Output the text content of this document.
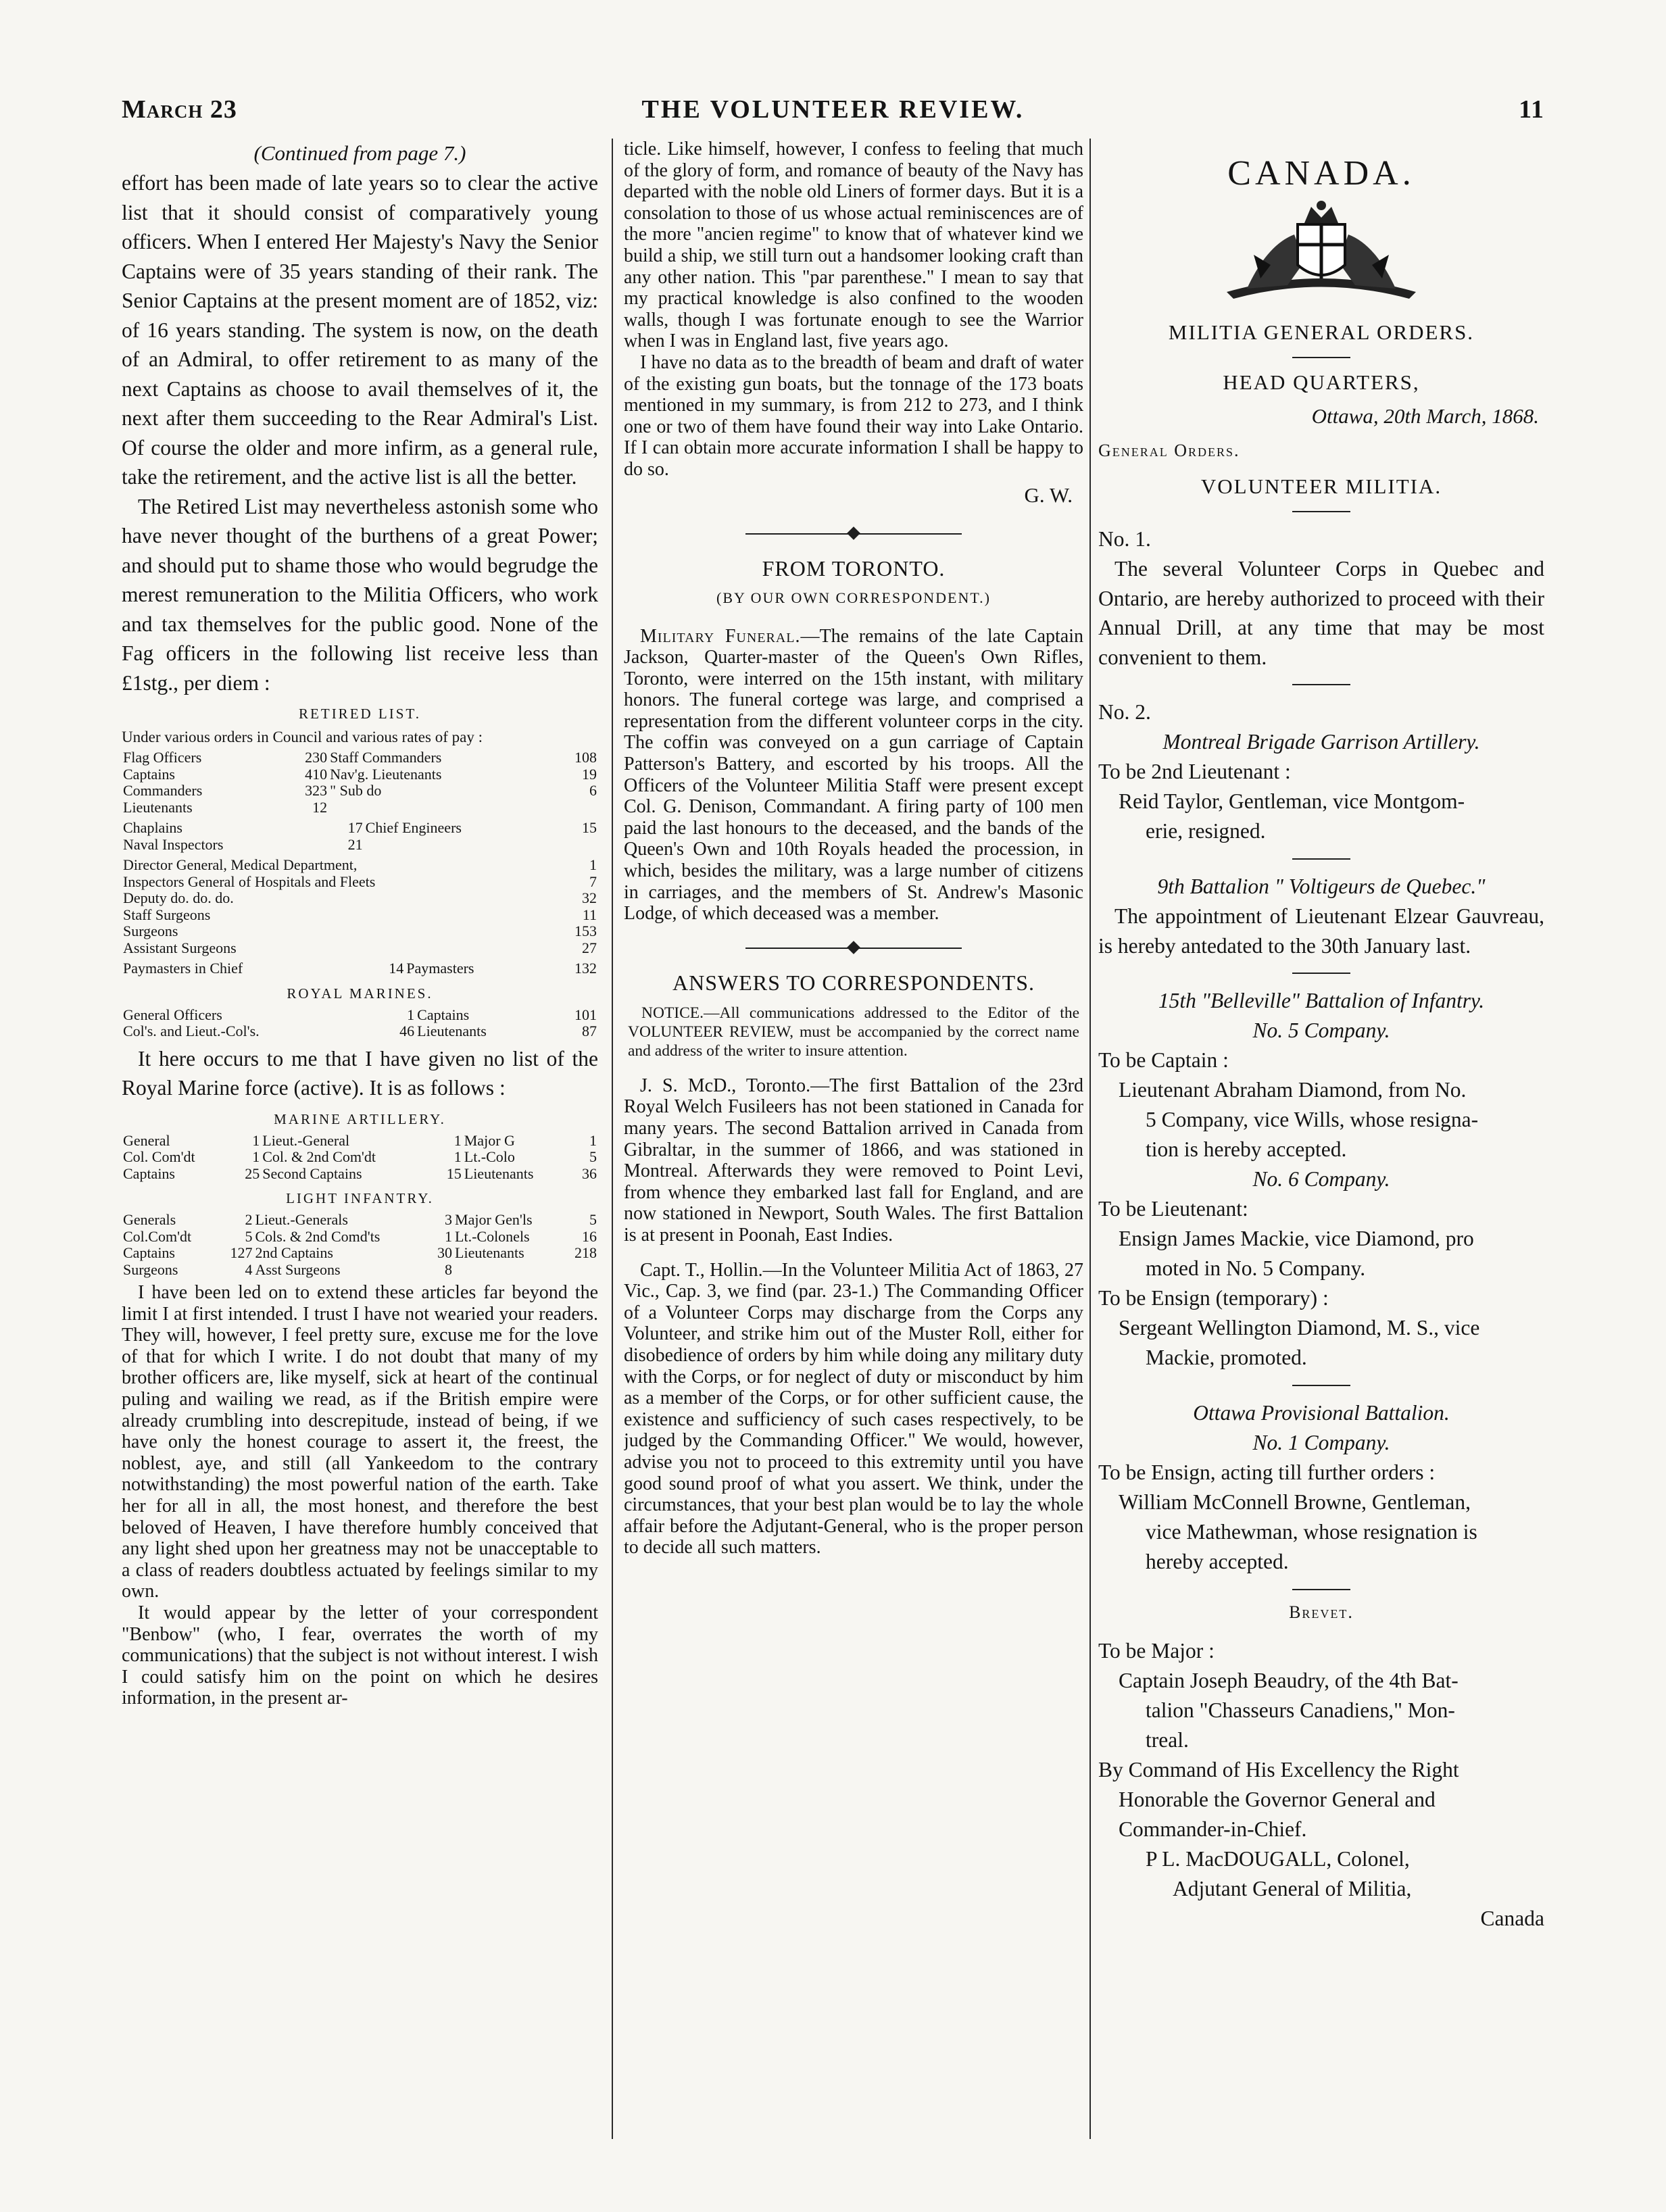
THE VOLUNTEER REVIEW.
March 23	11

(Continued from page 7.)

effort has been made of late years so to clear the active list that it should consist of comparatively young officers. When I entered Her Majesty's Navy the Senior Captains were of 35 years standing of their rank. The Senior Captains at the present moment are of 1852, viz: of 16 years standing. The system is now, on the death of an Admiral, to offer retirement to as many of the next Captains as choose to avail themselves of it, the next after them succeeding to the Rear Admiral's List. Of course the older and more infirm, as a general rule, take the retirement, and the active list is all the better.

The Retired List may nevertheless astonish some who have never thought of the burthens of a great Power; and should put to shame those who would begrudge the merest remuneration to the Militia Officers, who work and tax themselves for the public good. None of the Fag officers in the following list receive less than £1stg., per diem :

RETIRED LIST.
Under various orders in Council and various rates of pay :
Flag Officers	230	Staff Commanders	108
Captains	410	Nav'g. Lieutenants	19
Commanders	323	" Sub do	6
Lieutenants	12		
Chaplains	17	Chief Engineers	15
Naval Inspectors	21		
Director General, Medical Department,	1
Inspectors General of Hospitals and Fleets	7
Deputy do. do. do.	32
Staff Surgeons	11
Surgeons	153
Assistant Surgeons	27
Paymasters in Chief	14	Paymasters	132
ROYAL MARINES.
General Officers	1	Captains	101
Col's. and Lieut.-Col's.	46	Lieutenants	87

It here occurs to me that I have given no list of the Royal Marine force (active). It is as follows :

MARINE ARTILLERY.
General	1	Lieut.-General	1	Major G	1
Col. Com'dt	1	Col. & 2nd Com'dt	1	Lt.-Colo	5
Captains	25	Second Captains	15	Lieutenants	36
LIGHT INFANTRY.
Generals	2	Lieut.-Generals	3	Major Gen'ls	5
Col.Com'dt	5	Cols. & 2nd Comd'ts	1	Lt.-Colonels	16
Captains	127	2nd Captains	30	Lieutenants	218
Surgeons	4	Asst Surgeons	8		

I have been led on to extend these articles far beyond the limit I at first intended. I trust I have not wearied your readers. They will, however, I feel pretty sure, excuse me for the love of that for which I write. I do not doubt that many of my brother officers are, like myself, sick at heart of the continual puling and wailing we read, as if the British empire were already crumbling into descrepitude, instead of being, if we have only the honest courage to assert it, the freest, the noblest, aye, and still (all Yankeedom to the contrary notwithstanding) the most powerful nation of the earth. Take her for all in all, the most honest, and therefore the best beloved of Heaven, I have therefore humbly conceived that any light shed upon her greatness may not be unacceptable to a class of readers doubtless actuated by feelings similar to my own.

It would appear by the letter of your correspondent "Benbow" (who, I fear, overrates the worth of my communications) that the subject is not without interest. I wish I could satisfy him on the point on which he desires information, in the present ar-

ticle. Like himself, however, I confess to feeling that much of the glory of form, and romance of beauty of the Navy has departed with the noble old Liners of former days. But it is a consolation to those of us whose actual reminiscences are of the more "ancien regime" to know that of whatever kind we build a ship, we still turn out a handsomer looking craft than any other nation. This "par parenthese." I mean to say that my practical knowledge is also confined to the wooden walls, though I was fortunate enough to see the Warrior when I was in England last, five years ago.

I have no data as to the breadth of beam and draft of water of the existing gun boats, but the tonnage of the 173 boats mentioned in my summary, is from 212 to 273, and I think one or two of them have found their way into Lake Ontario. If I can obtain more accurate information I shall be happy to do so.

G. W.
FROM TORONTO.
(BY OUR OWN CORRESPONDENT.)

Military Funeral.—The remains of the late Captain Jackson, Quarter-master of the Queen's Own Rifles, Toronto, were interred on the 15th instant, with military honors. The funeral cortege was large, and comprised a representation from the different volunteer corps in the city. The coffin was conveyed on a gun carriage of Captain Patterson's Battery, and escorted by his troops. All the Officers of the Volunteer Militia Staff were present except Col. G. Denison, Commandant. A firing party of 100 men paid the last honours to the deceased, and the bands of the Queen's Own and 10th Royals headed the procession, in which, besides the military, was a large number of citizens in carriages, and the members of St. Andrew's Masonic Lodge, of which deceased was a member.

ANSWERS TO CORRESPONDENTS.
NOTICE.—All communications addressed to the Editor of the VOLUNTEER REVIEW, must be accompanied by the correct name and address of the writer to insure attention.

J. S. McD., Toronto.—The first Battalion of the 23rd Royal Welch Fusileers has not been stationed in Canada for many years. The second Battalion arrived in Canada from Gibraltar, in the summer of 1866, and was stationed in Montreal. Afterwards they were removed to Point Levi, from whence they embarked last fall for England, and are now stationed in Newport, South Wales. The first Battalion is at present in Poonah, East Indies.

Capt. T., Hollin.—In the Volunteer Militia Act of 1863, 27 Vic., Cap. 3, we find (par. 23-1.) The Commanding Officer of a Volunteer Corps may discharge from the Corps any Volunteer, and strike him out of the Muster Roll, either for disobedience of orders by him while doing any military duty with the Corps, or for neglect of duty or misconduct by him as a member of the Corps, or for other sufficient cause, the existence and sufficiency of such cases respectively, to be judged by the Commanding Officer." We would, however, advise you not to proceed to this extremity until you have good sound proof of what you assert. We think, under the circumstances, that your best plan would be to lay the whole affair before the Adjutant-General, who is the proper person to decide all such matters.

CANADA.
MILITIA GENERAL ORDERS.
HEAD QUARTERS,
Ottawa, 20th March, 1868.
General Orders.
VOLUNTEER MILITIA.

No. 1.

The several Volunteer Corps in Quebec and Ontario, are hereby authorized to proceed with their Annual Drill, at any time that may be most convenient to them.

No. 2.

Montreal Brigade Garrison Artillery.

To be 2nd Lieutenant :

Reid Taylor, Gentleman, vice Montgom-

erie, resigned.

9th Battalion " Voltigeurs de Quebec."

The appointment of Lieutenant Elzear Gauvreau, is hereby antedated to the 30th January last.

15th "Belleville" Battalion of Infantry.

No. 5 Company.

To be Captain :

Lieutenant Abraham Diamond, from No.

5 Company, vice Wills, whose resigna-

tion is hereby accepted.

No. 6 Company.

To be Lieutenant:

Ensign James Mackie, vice Diamond, pro

moted in No. 5 Company.

To be Ensign (temporary) :

Sergeant Wellington Diamond, M. S., vice

Mackie, promoted.

Ottawa Provisional Battalion.

No. 1 Company.

To be Ensign, acting till further orders :

William McConnell Browne, Gentleman,

vice Mathewman, whose resignation is

hereby accepted.

Brevet.

To be Major :

Captain Joseph Beaudry, of the 4th Bat-

talion "Chasseurs Canadiens," Mon-

treal.

By Command of His Excellency the Right

Honorable the Governor General and

Commander-in-Chief.

P L. MacDOUGALL, Colonel,

Adjutant General of Militia,

Canada
